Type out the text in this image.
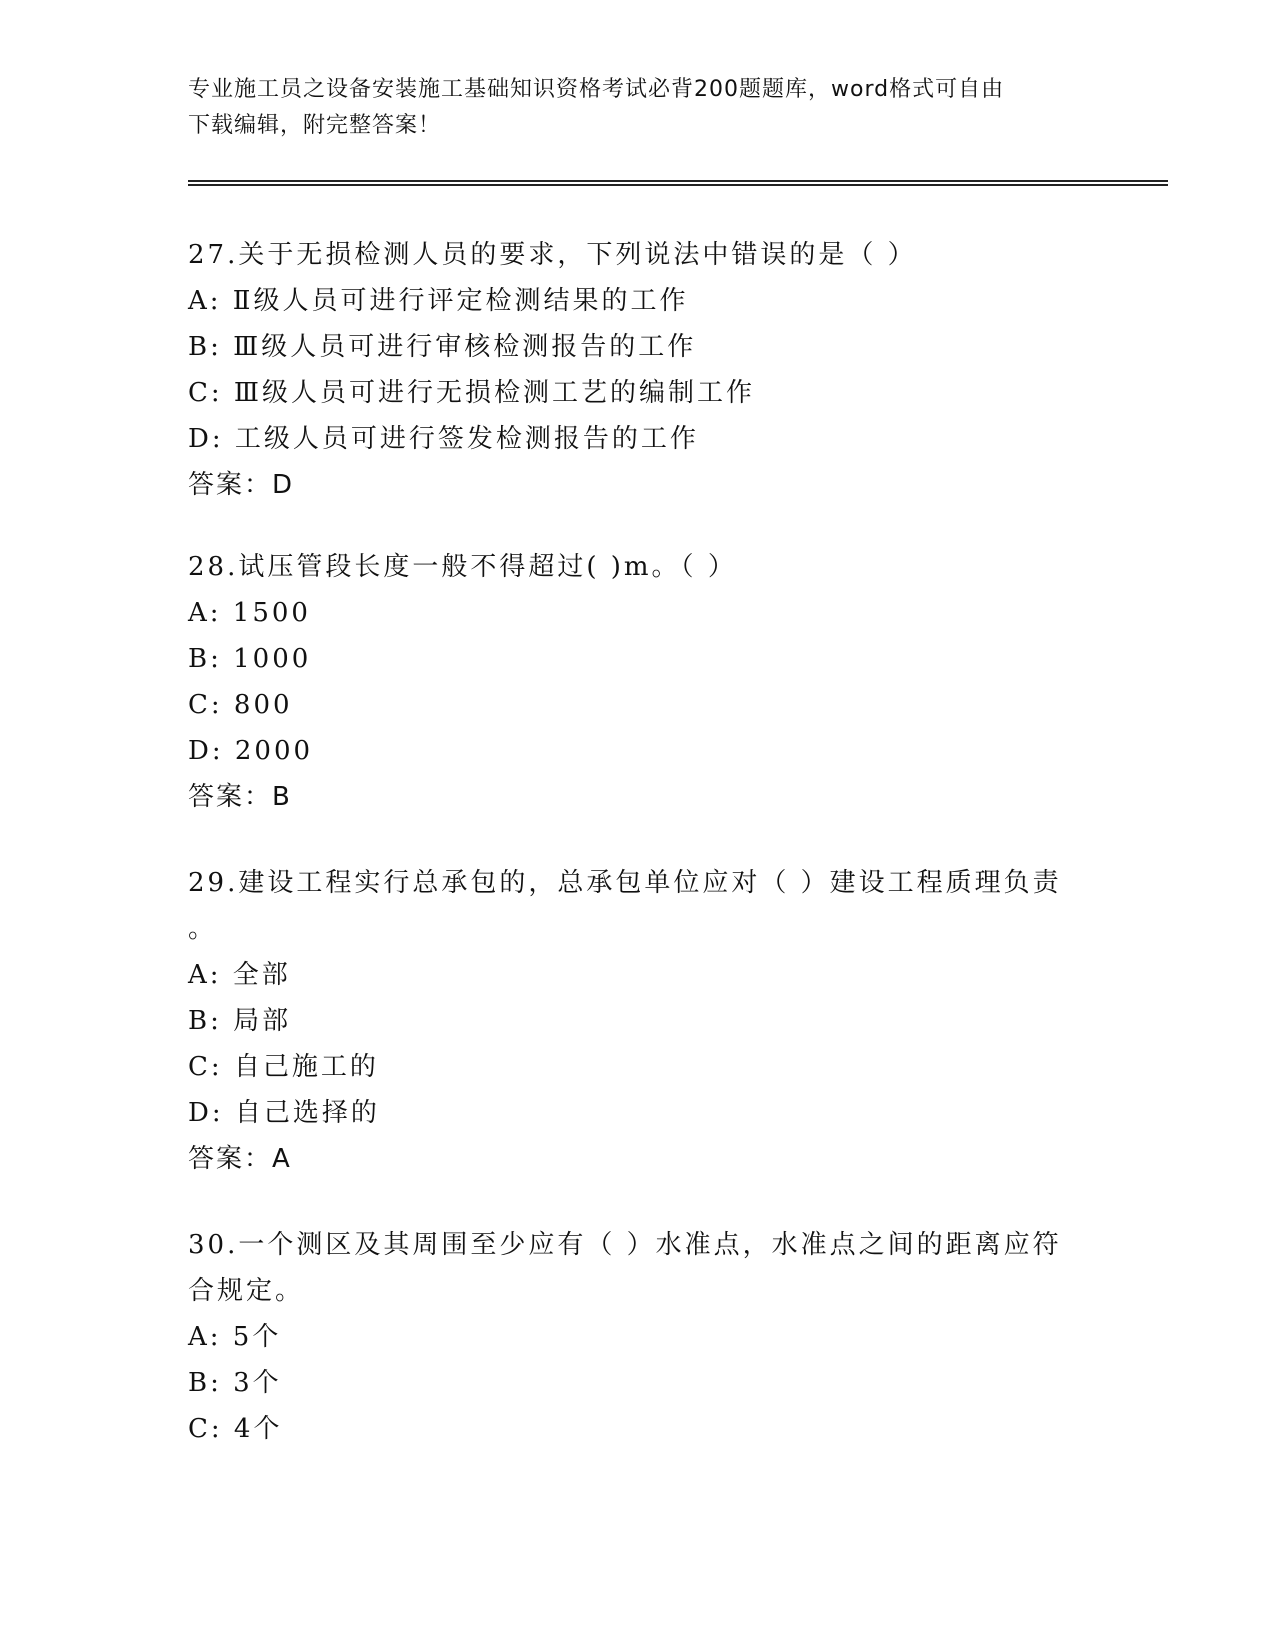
专业施工员之设备安装施工基础知识资格考试必背200题题库，word格式可自由
下载编辑，附完整答案！
27.关于无损检测人员的要求，下列说法中错误的是（ ）
A: Ⅱ级人员可进行评定检测结果的工作
B: Ⅲ级人员可进行审核检测报告的工作
C: Ⅲ级人员可进行无损检测工艺的编制工作
D: 工级人员可进行签发检测报告的工作
答案：D
28.试压管段长度一般不得超过( )m。（ ）
A: 1500
B: 1000
C: 800
D: 2000
答案：B
29.建设工程实行总承包的，总承包单位应对（ ）建设工程质理负责
。
A: 全部
B: 局部
C: 自己施工的
D: 自己选择的
答案：A
30.一个测区及其周围至少应有（ ）水准点，水准点之间的距离应符
合规定。
A: 5个
B: 3个
C: 4个
